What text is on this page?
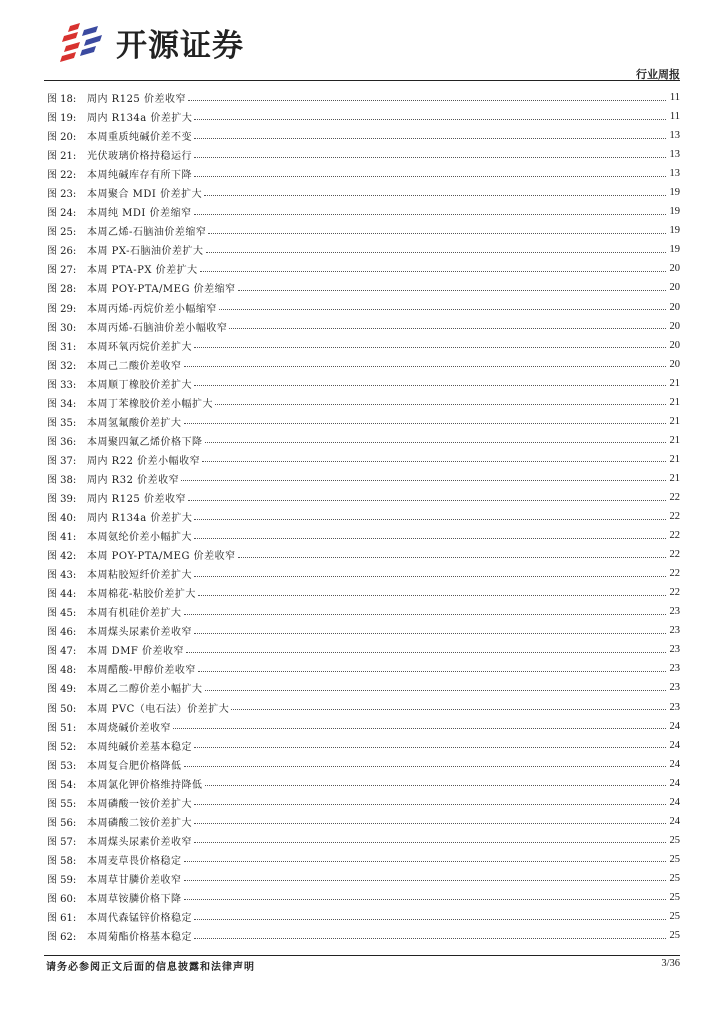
开源证券
行业周报
图 18:	周内 R125 价差收窄	11
图 19:	周内 R134a 价差扩大	11
图 20:	本周重质纯碱价差不变	13
图 21:	光伏玻璃价格持稳运行	13
图 22:	本周纯碱库存有所下降	13
图 23:	本周聚合 MDI 价差扩大	19
图 24:	本周纯 MDI 价差缩窄	19
图 25:	本周乙烯-石脑油价差缩窄	19
图 26:	本周 PX-石脑油价差扩大	19
图 27:	本周 PTA-PX 价差扩大	20
图 28:	本周 POY-PTA/MEG 价差缩窄	20
图 29:	本周丙烯-丙烷价差小幅缩窄	20
图 30:	本周丙烯-石脑油价差小幅收窄	20
图 31:	本周环氧丙烷价差扩大	20
图 32:	本周己二酸价差收窄	20
图 33:	本周顺丁橡胶价差扩大	21
图 34:	本周丁苯橡胶价差小幅扩大	21
图 35:	本周氢氟酸价差扩大	21
图 36:	本周聚四氟乙烯价格下降	21
图 37:	周内 R22 价差小幅收窄	21
图 38:	周内 R32 价差收窄	21
图 39:	周内 R125 价差收窄	22
图 40:	周内 R134a 价差扩大	22
图 41:	本周氨纶价差小幅扩大	22
图 42:	本周 POY-PTA/MEG 价差收窄	22
图 43:	本周粘胶短纤价差扩大	22
图 44:	本周棉花-粘胶价差扩大	22
图 45:	本周有机硅价差扩大	23
图 46:	本周煤头尿素价差收窄	23
图 47:	本周 DMF 价差收窄	23
图 48:	本周醋酸-甲醇价差收窄	23
图 49:	本周乙二醇价差小幅扩大	23
图 50:	本周 PVC（电石法）价差扩大	23
图 51:	本周烧碱价差收窄	24
图 52:	本周纯碱价差基本稳定	24
图 53:	本周复合肥价格降低	24
图 54:	本周氯化钾价格维持降低	24
图 55:	本周磷酸一铵价差扩大	24
图 56:	本周磷酸二铵价差扩大	24
图 57:	本周煤头尿素价差收窄	25
图 58:	本周麦草畏价格稳定	25
图 59:	本周草甘膦价差收窄	25
图 60:	本周草铵膦价格下降	25
图 61:	本周代森锰锌价格稳定	25
图 62:	本周菊酯价格基本稳定	25
请务必参阅正文后面的信息披露和法律声明	3/36
